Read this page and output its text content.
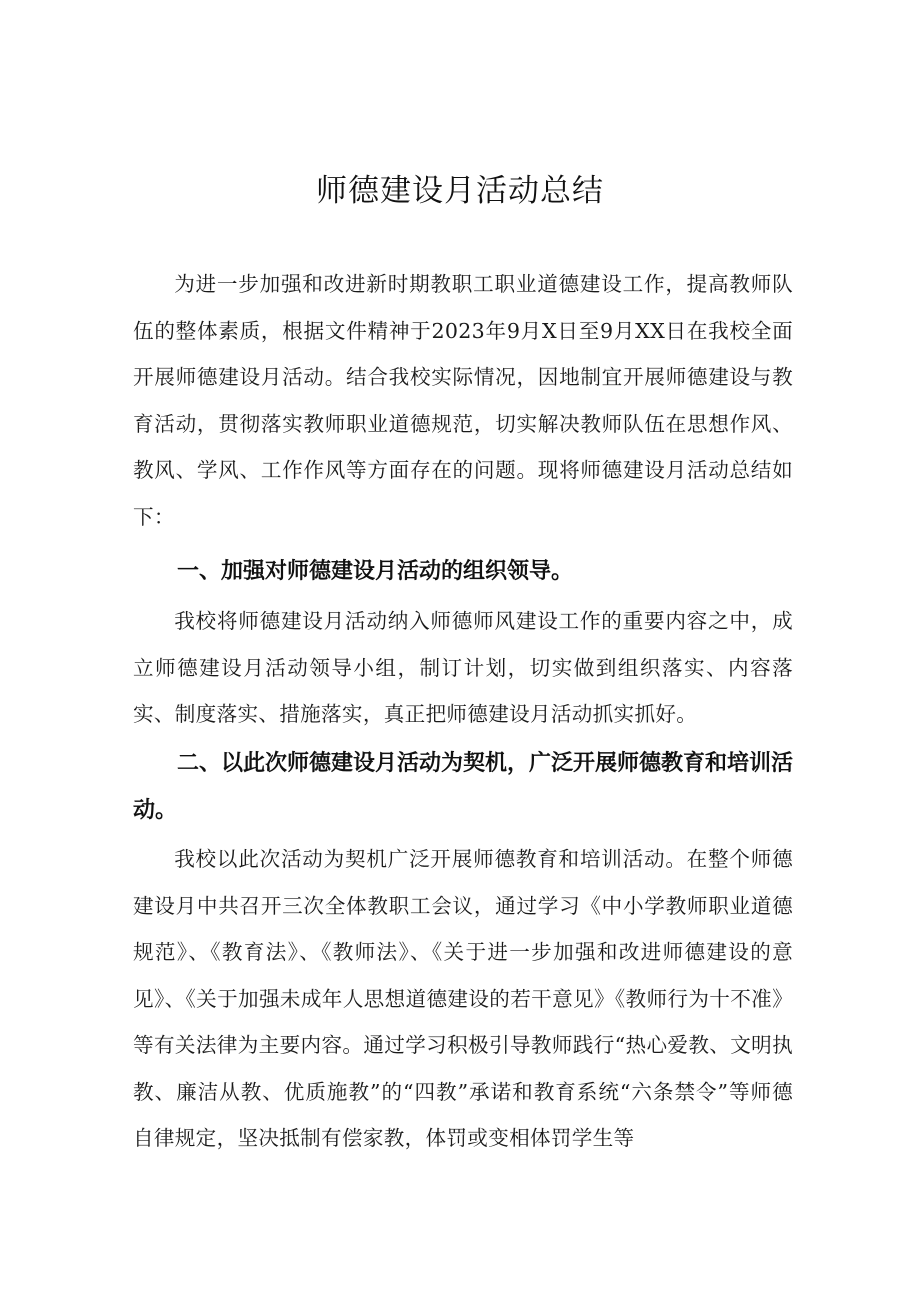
师德建设月活动总结

为进一步加强和改进新时期教职工职业道德建设工作，提高教师队伍的整体素质，根据文件精神于2023年9月X日至9月XX日在我校全面开展师德建设月活动。结合我校实际情况，因地制宜开展师德建设与教育活动，贯彻落实教师职业道德规范，切实解决教师队伍在思想作风、教风、学风、工作作风等方面存在的问题。现将师德建设月活动总结如下：

一、加强对师德建设月活动的组织领导。

我校将师德建设月活动纳入师德师风建设工作的重要内容之中，成立师德建设月活动领导小组，制订计划，切实做到组织落实、内容落实、制度落实、措施落实，真正把师德建设月活动抓实抓好。

二、以此次师德建设月活动为契机，广泛开展师德教育和培训活动。

我校以此次活动为契机广泛开展师德教育和培训活动。在整个师德建设月中共召开三次全体教职工会议，通过学习《中小学教师职业道德规范》、《教育法》、《教师法》、《关于进一步加强和改进师德建设的意见》、《关于加强未成年人思想道德建设的若干意见》《教师行为十不准》等有关法律为主要内容。通过学习积极引导教师践行“热心爱教、文明执教、廉洁从教、优质施教”的“四教”承诺和教育系统“六条禁令”等师德自律规定，坚决抵制有偿家教，体罚或变相体罚学生等
